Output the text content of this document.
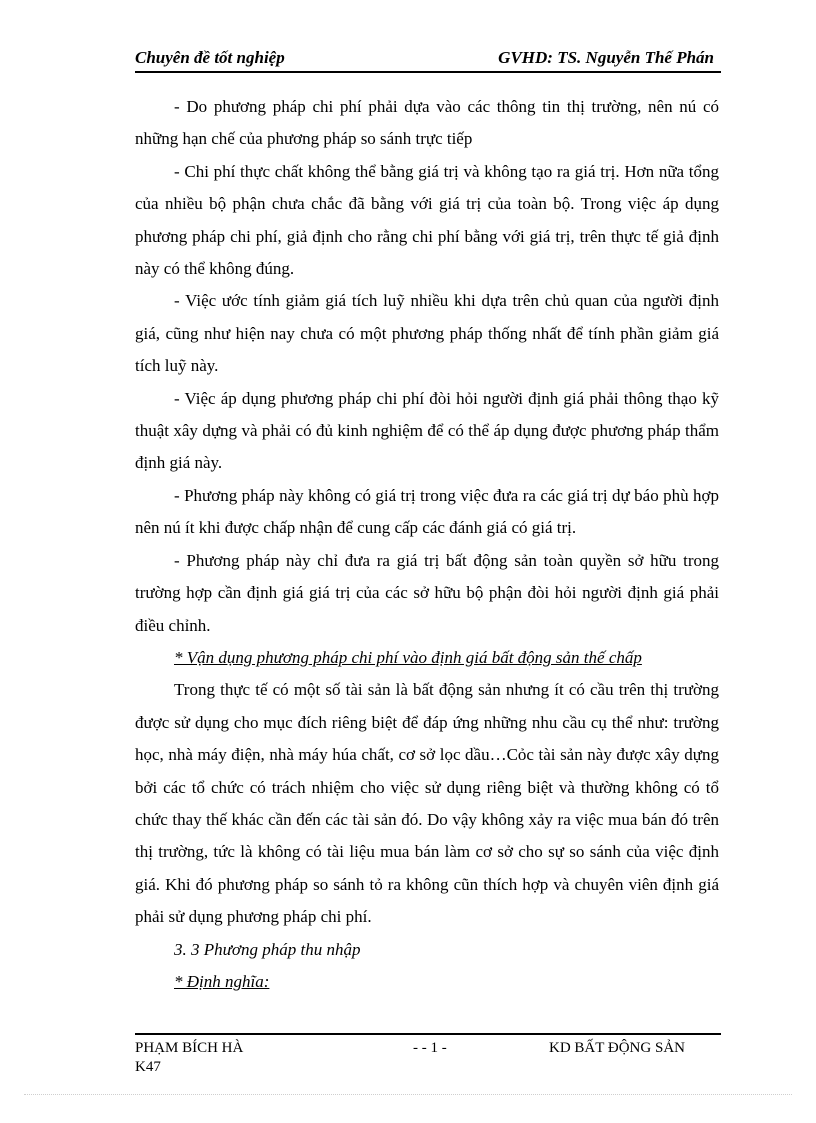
Chuyên đề tốt nghiệp	GVHD: TS. Nguyễn Thế Phán

- Do phương pháp chi phí phải dựa vào các thông tin thị trường, nên nú có những hạn chế của phương pháp so sánh trực tiếp

- Chi phí thực chất không thể bằng giá trị và không tạo ra giá trị. Hơn nữa tổng của nhiều bộ phận chưa chắc đã bằng với giá trị của toàn bộ. Trong việc áp dụng phương pháp chi phí, giả định cho rằng chi phí bằng với giá trị, trên thực tế giả định này có thể không đúng.

- Việc ước tính giảm giá tích luỹ nhiều khi dựa trên chủ quan của người định giá, cũng như hiện nay chưa có một phương pháp thống nhất để tính phần giảm giá tích luỹ này.

- Việc áp dụng phương pháp chi phí đòi hỏi người định giá phải thông thạo kỹ thuật xây dựng và phải có đủ kinh nghiệm để có thể áp dụng được phương pháp thẩm định giá này.

- Phương pháp này không có giá trị trong việc đưa ra các giá trị dự báo phù hợp nên nú ít khi được chấp nhận để cung cấp các đánh giá có giá trị.

- Phương pháp này chỉ đưa ra giá trị bất động sản toàn quyền sở hữu trong trường hợp cần định giá giá trị của các sở hữu bộ phận đòi hỏi người định giá phải điều chỉnh.

* Vận dụng phương pháp chi phí vào định giá bất động sản thế chấp

Trong thực tế có một số tài sản là bất động sản nhưng ít có cầu trên thị trường được sử dụng cho mục đích riêng biệt để đáp ứng những nhu cầu cụ thể như: trường học, nhà máy điện, nhà máy húa chất, cơ sở lọc dầu…Cỏc tài sản này được xây dựng bởi các tổ chức có trách nhiệm cho việc sử dụng riêng biệt và thường không có tổ chức thay thế khác cần đến các tài sản đó. Do vậy không xảy ra việc mua bán đó trên thị trường, tức là không có tài liệu mua bán làm cơ sở cho sự so sánh của việc định giá. Khi đó phương pháp so sánh tỏ ra không cũn thích hợp và chuyên viên định giá phải sử dụng phương pháp chi phí.

3. 3 Phương pháp thu nhập

* Định nghĩa:

PHẠM BÍCH HÀ
K47
- - 1 -	KD BẤT ĐỘNG SẢN
